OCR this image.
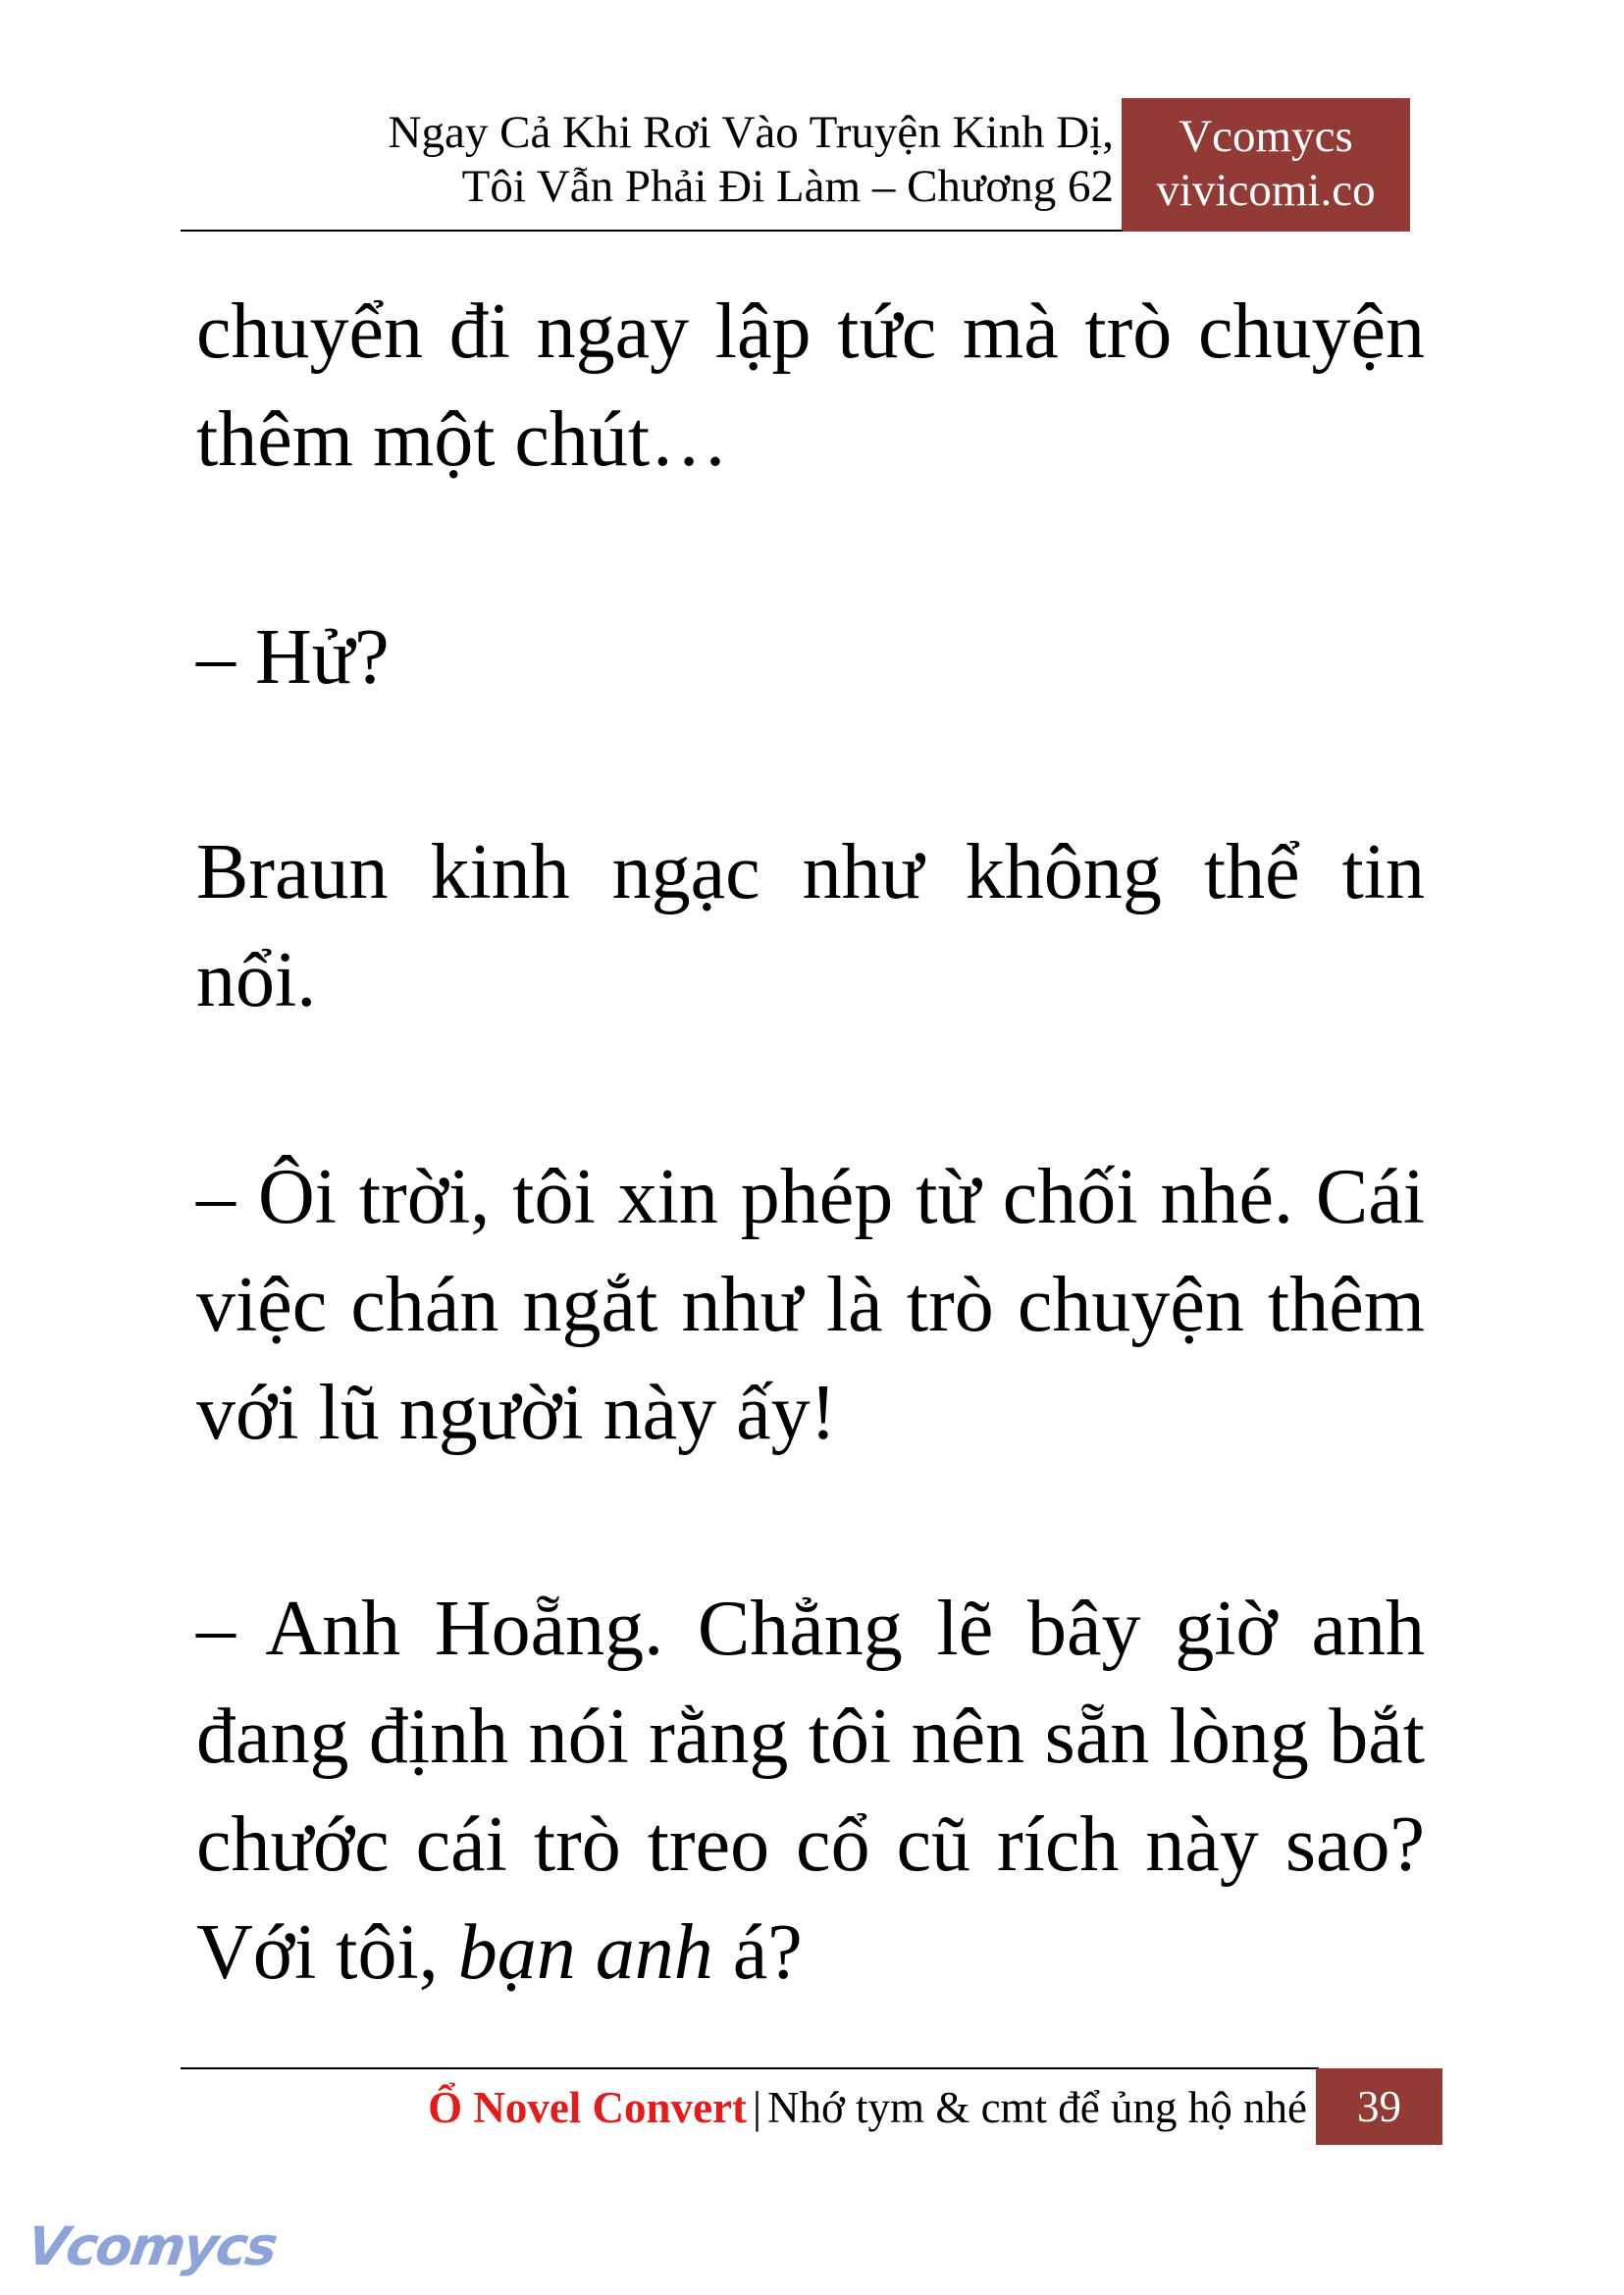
Ngay Cả Khi Rơi Vào Truyện Kinh Dị,
Tôi Vẫn Phải Đi Làm – Chương 62
Vcomycs
vivicomi.co

chuyển đi ngay lập tức mà trò chuyện thêm một chút…

– Hử?

Braun kinh ngạc như không thể tin nổi.

– Ôi trời, tôi xin phép từ chối nhé. Cái việc chán ngắt như là trò chuyện thêm với lũ người này ấy!

– Anh Hoẵng. Chẳng lẽ bây giờ anh đang định nói rằng tôi nên sẵn lòng bắt chước cái trò treo cổ cũ rích này sao? Với tôi, bạn anh á?

Ổ Novel Convert | Nhớ tym & cmt để ủng hộ nhé	39
Vcomycs
